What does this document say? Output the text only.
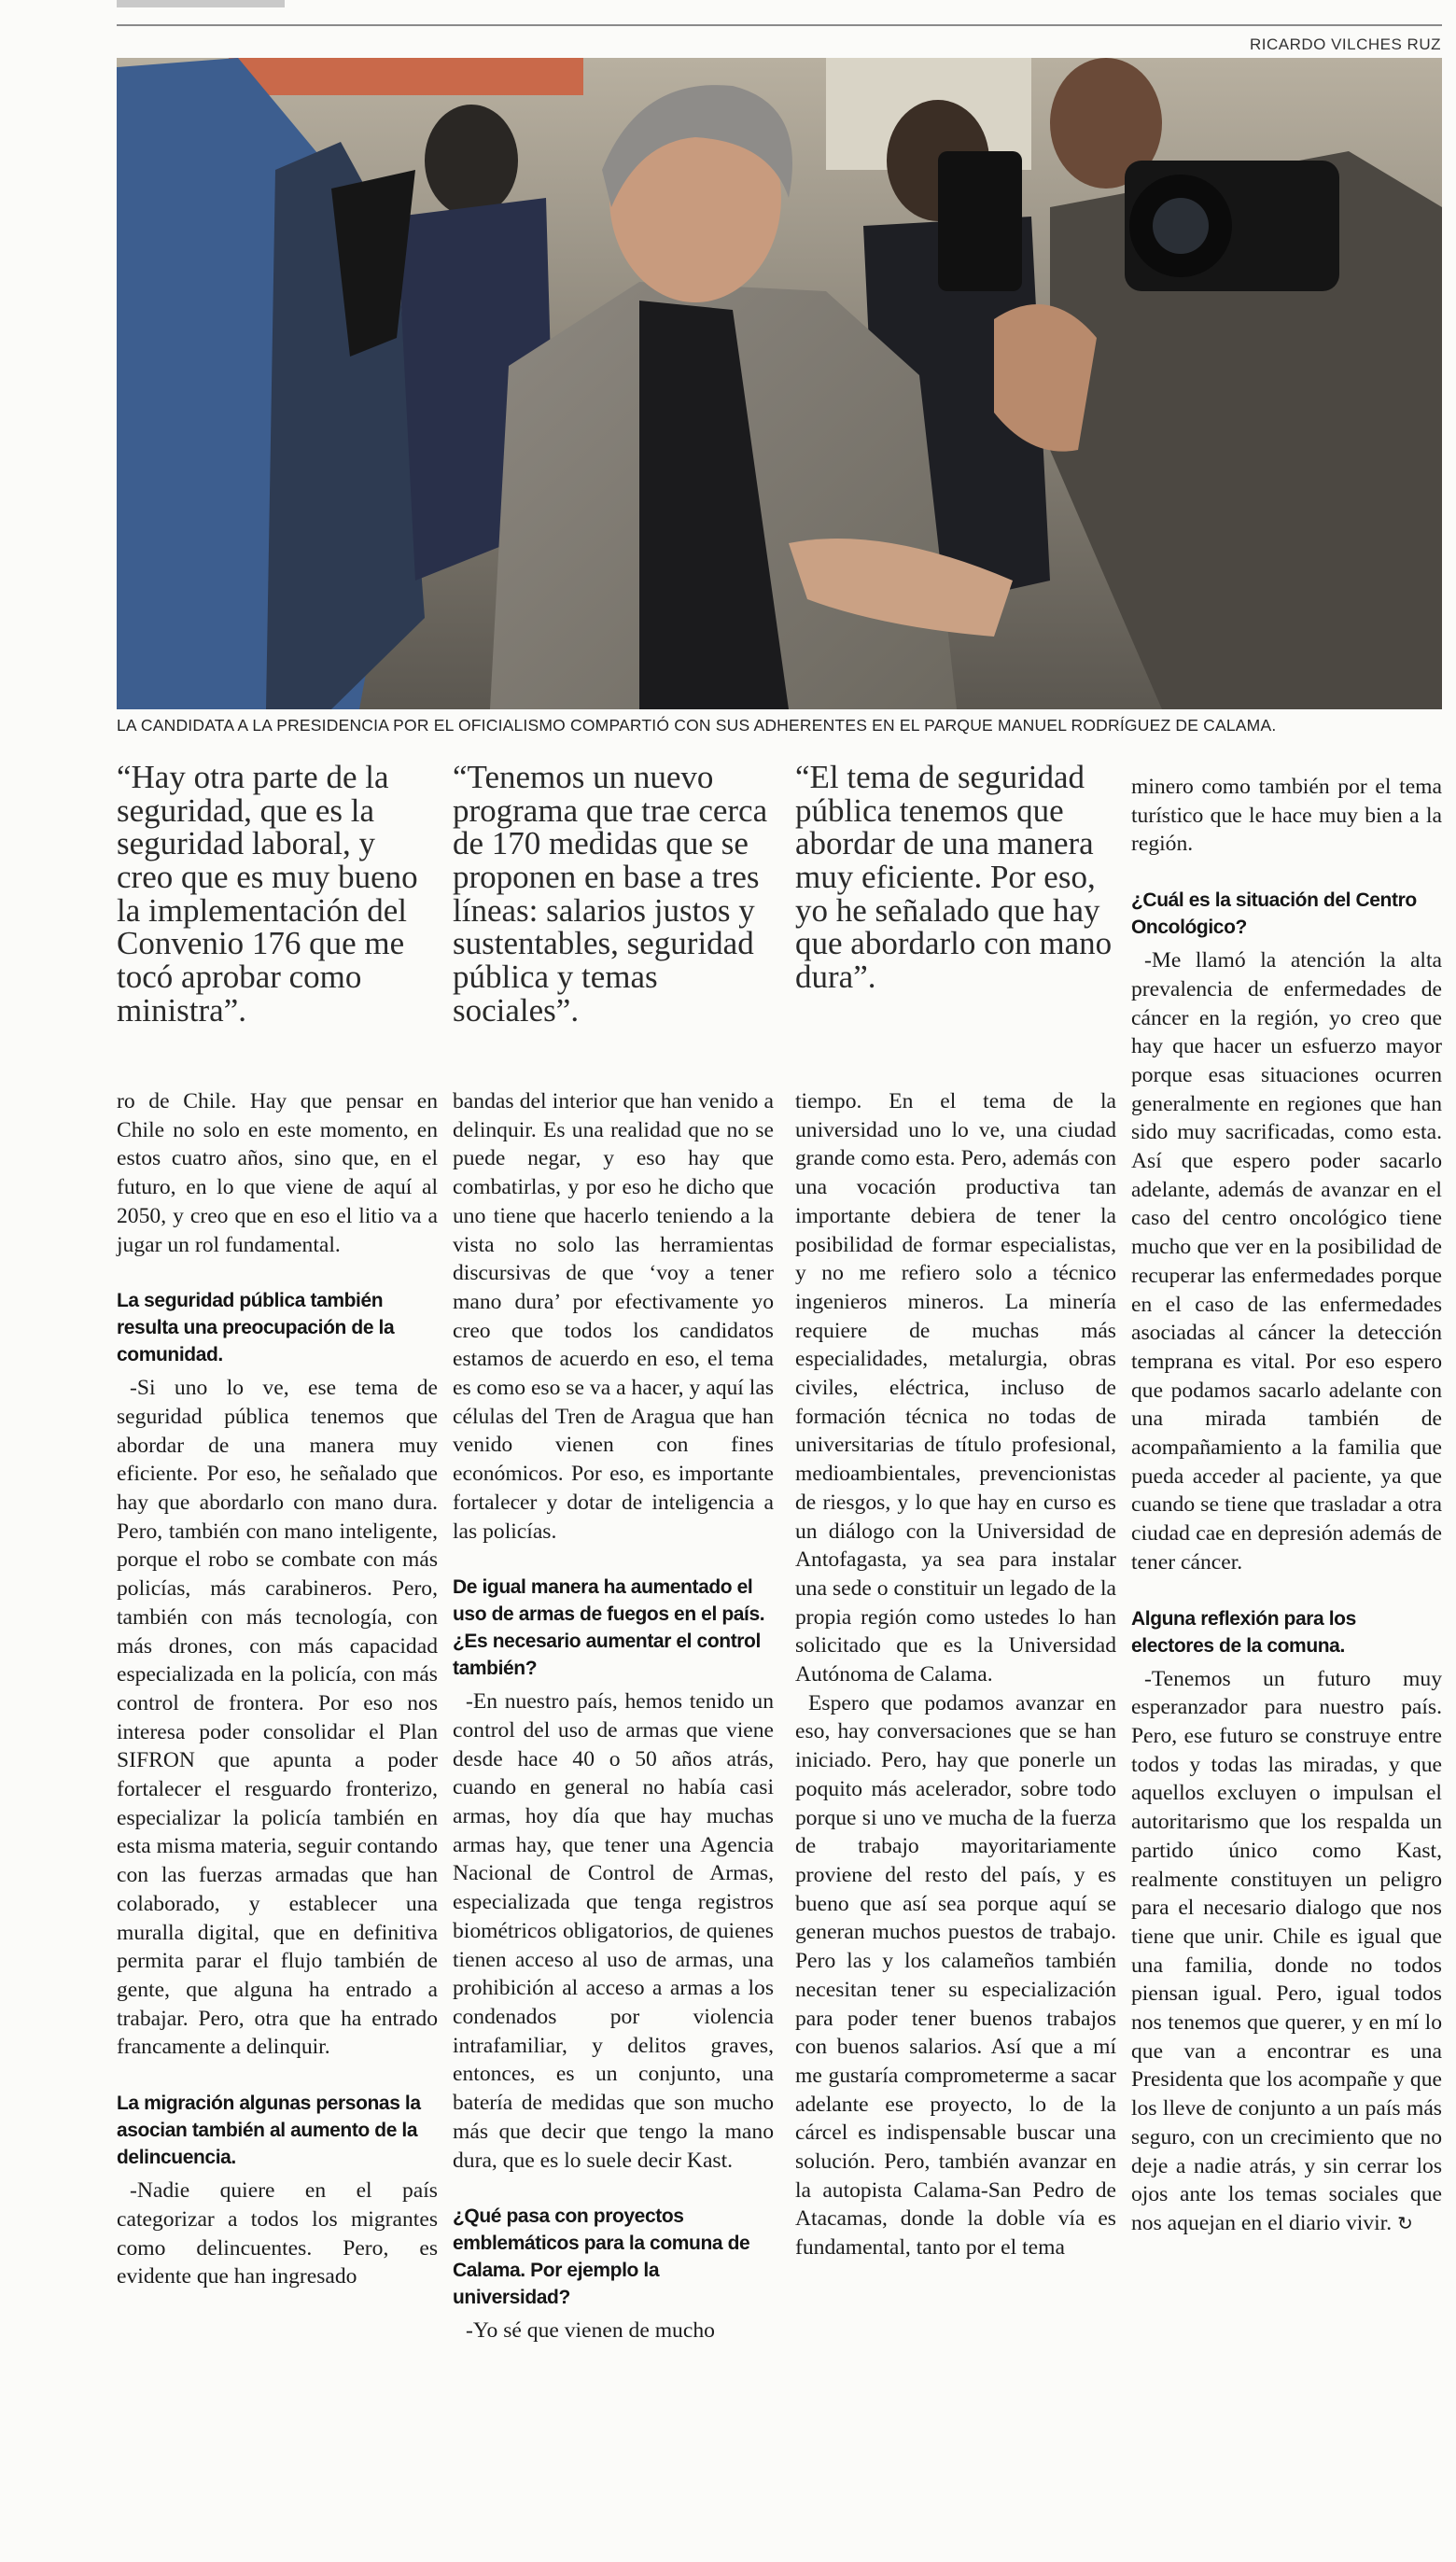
RICARDO VILCHES RUZ
LA CANDIDATA A LA PRESIDENCIA POR EL OFICIALISMO COMPARTIÓ CON SUS ADHERENTES EN EL PARQUE MANUEL RODRÍGUEZ DE CALAMA.
“Hay otra parte de la seguridad, que es la seguridad laboral, y creo que es muy bueno la implementación del Convenio 176 que me tocó aprobar como ministra”.
“Tenemos un nuevo programa que trae cerca de 170 medidas que se proponen en base a tres líneas: salarios justos y sustentables, seguridad pública y temas sociales”.
“El tema de seguridad pública tenemos que abordar de una manera muy eficiente. Por eso, yo he señalado que hay que abordarlo con mano dura”.

ro de Chile. Hay que pensar en Chile no solo en este momento, en estos cuatro años, sino que, en el futuro, en lo que viene de aquí al 2050, y creo que en eso el litio va a jugar un rol fundamental.

La seguridad pública también resulta una preocupación de la comunidad.

-Si uno lo ve, ese tema de seguridad pública tenemos que abordar de una manera muy eficiente. Por eso, he señalado que hay que abordarlo con mano dura. Pero, también con mano inteligente, porque el robo se combate con más policías, más carabineros. Pero, también con más tecnología, con más drones, con más capacidad especializada en la policía, con más control de frontera. Por eso nos interesa poder consolidar el Plan SIFRON que apunta a poder fortalecer el resguardo fronterizo, especializar la policía también en esta misma materia, seguir contando con las fuerzas armadas que han colaborado, y establecer una muralla digital, que en definitiva permita parar el flujo también de gente, que alguna ha entrado a trabajar. Pero, otra que ha entrado francamente a delinquir.

La migración algunas personas la asocian también al aumento de la delincuencia.

-Nadie quiere en el país categorizar a todos los migrantes como delincuentes. Pero, es evidente que han ingresado

bandas del interior que han venido a delinquir. Es una realidad que no se puede negar, y eso hay que combatirlas, y por eso he dicho que uno tiene que hacerlo teniendo a la vista no solo las herramientas discursivas de que ‘voy a tener mano dura’ por efectivamente yo creo que todos los candidatos estamos de acuerdo en eso, el tema es como eso se va a hacer, y aquí las células del Tren de Aragua que han venido vienen con fines económicos. Por eso, es importante fortalecer y dotar de inteligencia a las policías.

De igual manera ha aumentado el uso de armas de fuegos en el país. ¿Es necesario aumentar el control también?

-En nuestro país, hemos tenido un control del uso de armas que viene desde hace 40 o 50 años atrás, cuando en general no había casi armas, hoy día que hay muchas armas hay, que tener una Agencia Nacional de Control de Armas, especializada que tenga registros biométricos obligatorios, de quienes tienen acceso al uso de armas, una prohibición al acceso a armas a los condenados por violencia intrafamiliar, y delitos graves, entonces, es un conjunto, una batería de medidas que son mucho más que decir que tengo la mano dura, que es lo suele decir Kast.

¿Qué pasa con proyectos emblemáticos para la comuna de Calama. Por ejemplo la universidad?

-Yo sé que vienen de mucho

tiempo. En el tema de la universidad uno lo ve, una ciudad grande como esta. Pero, además con una vocación productiva tan importante debiera de tener la posibilidad de formar especialistas, y no me refiero solo a técnico ingenieros mineros. La minería requiere de muchas más especialidades, metalurgia, obras civiles, eléctrica, incluso de formación técnica no todas de universitarias de título profesional, medioambientales, prevencionistas de riesgos, y lo que hay en curso es un diálogo con la Universidad de Antofagasta, ya sea para instalar una sede o constituir un legado de la propia región como ustedes lo han solicitado que es la Universidad Autónoma de Calama.

Espero que podamos avanzar en eso, hay conversaciones que se han iniciado. Pero, hay que ponerle un poquito más acelerador, sobre todo porque si uno ve mucha de la fuerza de trabajo mayoritariamente proviene del resto del país, y es bueno que así sea porque aquí se generan muchos puestos de trabajo. Pero las y los calameños también necesitan tener su especialización para poder tener buenos trabajos con buenos salarios. Así que a mí me gustaría comprometerme a sacar adelante ese proyecto, lo de la cárcel es indispensable buscar una solución. Pero, también avanzar en la autopista Calama-San Pedro de Atacamas, donde la doble vía es fundamental, tanto por el tema

minero como también por el tema turístico que le hace muy bien a la región.

¿Cuál es la situación del Centro Oncológico?

-Me llamó la atención la alta prevalencia de enfermedades de cáncer en la región, yo creo que hay que hacer un esfuerzo mayor porque esas situaciones ocurren generalmente en regiones que han sido muy sacrificadas, como esta. Así que espero poder sacarlo adelante, además de avanzar en el caso del centro oncológico tiene mucho que ver en la posibilidad de recuperar las enfermedades porque en el caso de las enfermedades asociadas al cáncer la detección temprana es vital. Por eso espero que podamos sacarlo adelante con una mirada también de acompañamiento a la familia que pueda acceder al paciente, ya que cuando se tiene que trasladar a otra ciudad cae en depresión además de tener cáncer.

Alguna reflexión para los electores de la comuna.

-Tenemos un futuro muy esperanzador para nuestro país. Pero, ese futuro se construye entre todos y todas las miradas, y que aquellos excluyen o impulsan el autoritarismo que los respalda un partido único como Kast, realmente constituyen un peligro para el necesario dialogo que nos tiene que unir. Chile es igual que una familia, donde no todos piensan igual. Pero, igual todos nos tenemos que querer, y en mí lo que van a encontrar es una Presidenta que los acompañe y que los lleve de conjunto a un país más seguro, con un crecimiento que no deje a nadie atrás, y sin cerrar los ojos ante los temas sociales que nos aquejan en el diario vivir. ↻
